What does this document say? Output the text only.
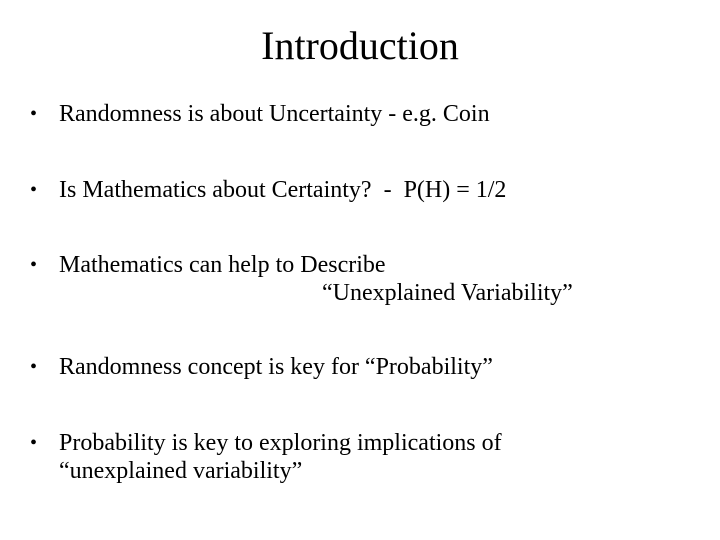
Introduction
• Randomness is about Uncertainty - e.g. Coin
• Is Mathematics about Certainty?  -  P(H) = 1/2
• Mathematics can help to Describe
“Unexplained Variability”
• Randomness concept is key for “Probability”
• Probability is key to exploring implications of
“unexplained variability”
